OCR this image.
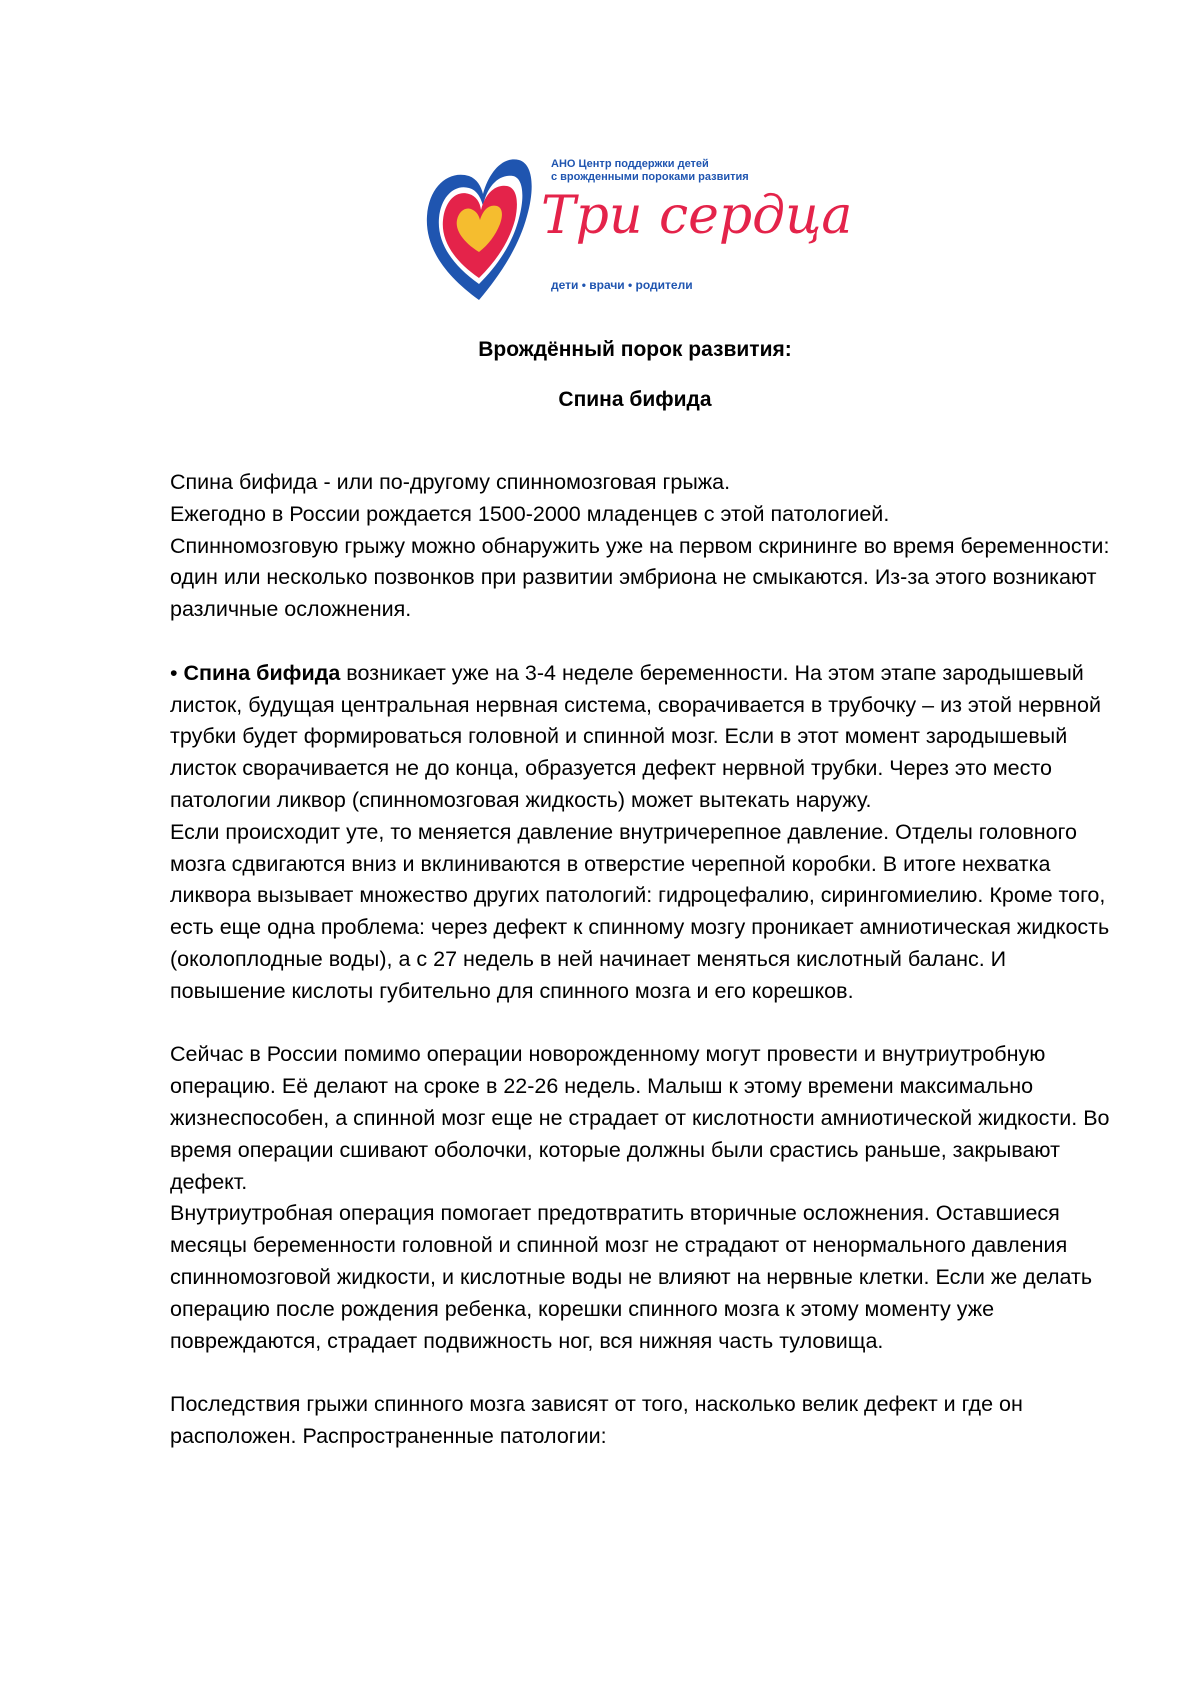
АНО Центр поддержки детей
с врожденными пороками развития
Три сердца
дети • врачи • родители
Врождённый порок развития:
Спина бифида

Спина бифида - или по-другому спинномозговая грыжа.

Ежегодно в России рождается 1500-2000 младенцев с этой патологией.

Спинномозговую грыжу можно обнаружить уже на первом скрининге во время беременности: один или несколько позвонков при развитии эмбриона не смыкаются. Из-за этого возникают различные осложнения.

• Спина бифида возникает уже на 3-4 неделе беременности. На этом этапе зародышевый листок, будущая центральная нервная система, сворачивается в трубочку – из этой нервной трубки будет формироваться головной и спинной мозг. Если в этот момент зародышевый листок сворачивается не до конца, образуется дефект нервной трубки. Через это место патологии ликвор (спинномозговая жидкость) может вытекать наружу.

Если происходит уте, то меняется давление внутричерепное давление. Отделы головного мозга сдвигаются вниз и вклиниваются в отверстие черепной коробки. В итоге нехватка ликвора вызывает множество других патологий: гидроцефалию, сирингомиелию. Кроме того, есть еще одна проблема: через дефект к спинному мозгу проникает амниотическая жидкость (околоплодные воды), а с 27 недель в ней начинает меняться кислотный баланс. И повышение кислоты губительно для спинного мозга и его корешков.

Сейчас в России помимо операции новорожденному могут провести и внутриутробную операцию. Её делают на сроке в 22-26 недель. Малыш к этому времени максимально жизнеспособен, а спинной мозг еще не страдает от кислотности амниотической жидкости. Во время операции сшивают оболочки, которые должны были срастись раньше, закрывают дефект.

Внутриутробная операция помогает предотвратить вторичные осложнения. Оставшиеся месяцы беременности головной и спинной мозг не страдают от ненормального давления спинномозговой жидкости, и кислотные воды не влияют на нервные клетки. Если же делать операцию после рождения ребенка, корешки спинного мозга к этому моменту уже повреждаются, страдает подвижность ног, вся нижняя часть туловища.

Последствия грыжи спинного мозга зависят от того, насколько велик дефект и где он расположен. Распространенные патологии:
